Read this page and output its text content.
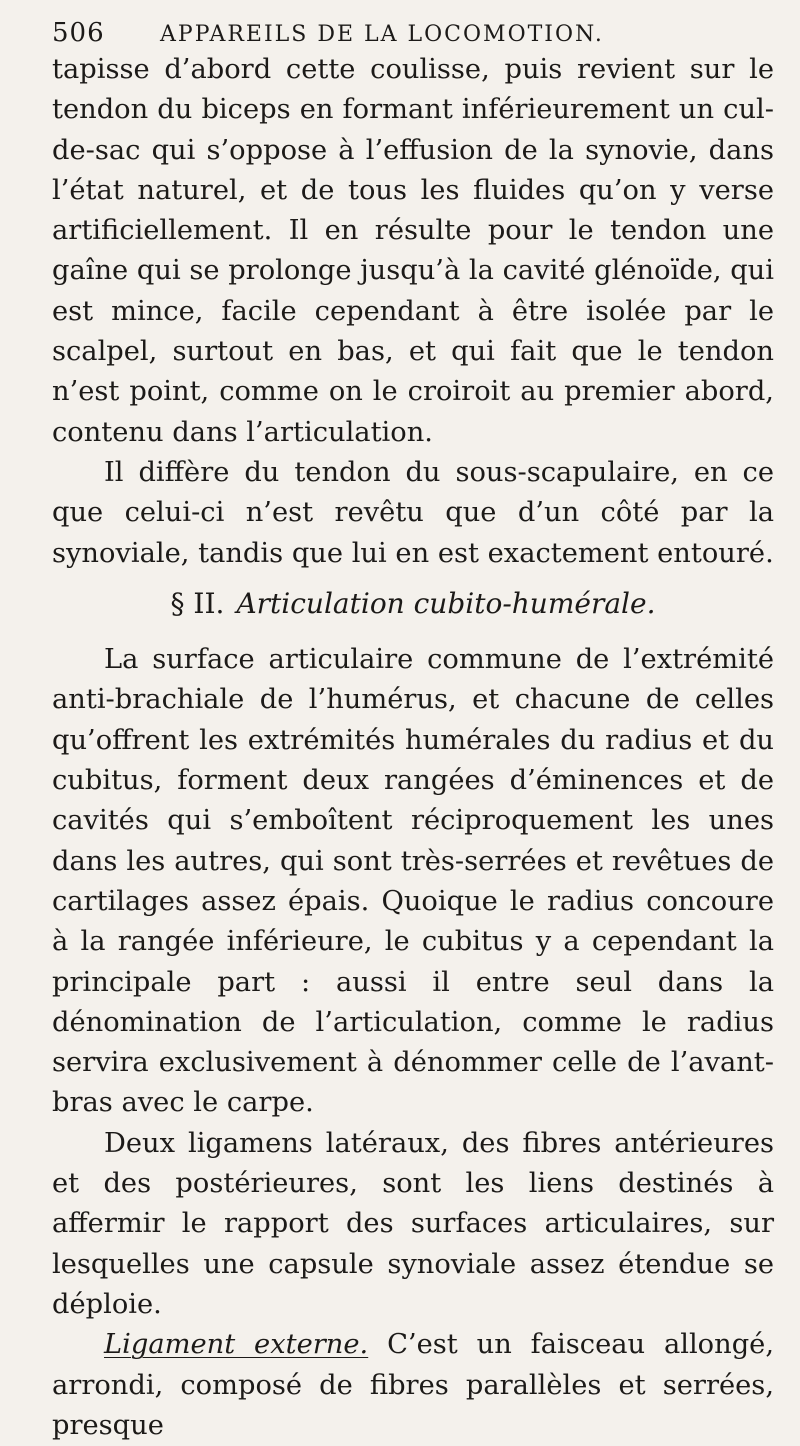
506	APPAREILS DE LA LOCOMOTION.

tapisse d’abord cette coulisse, puis revient sur le tendon du biceps en formant inférieurement un cul-de-sac qui s’oppose à l’effusion de la synovie, dans l’état naturel, et de tous les fluides qu’on y verse artificiellement. Il en résulte pour le tendon une gaîne qui se prolonge jusqu’à la cavité glénoïde, qui est mince, facile cependant à être isolée par le scalpel, surtout en bas, et qui fait que le tendon n’est point, comme on le croiroit au premier abord, contenu dans l’articulation.

Il diffère du tendon du sous-scapulaire, en ce que celui-ci n’est revêtu que d’un côté par la synoviale, tandis que lui en est exactement entouré.

§ II. Articulation cubito-humérale.

La surface articulaire commune de l’extrémité anti-brachiale de l’humérus, et chacune de celles qu’offrent les extrémités humérales du radius et du cubitus, forment deux rangées d’éminences et de cavités qui s’emboîtent réciproquement les unes dans les autres, qui sont très-serrées et revêtues de cartilages assez épais. Quoique le radius concoure à la rangée inférieure, le cubitus y a cependant la principale part : aussi il entre seul dans la dénomination de l’articulation, comme le radius servira exclusivement à dénommer celle de l’avant-bras avec le carpe.

Deux ligamens latéraux, des fibres antérieures et des postérieures, sont les liens destinés à affermir le rapport des surfaces articulaires, sur lesquelles une capsule synoviale assez étendue se déploie.

Ligament externe. C’est un faisceau allongé, arrondi, composé de fibres parallèles et serrées, presque
